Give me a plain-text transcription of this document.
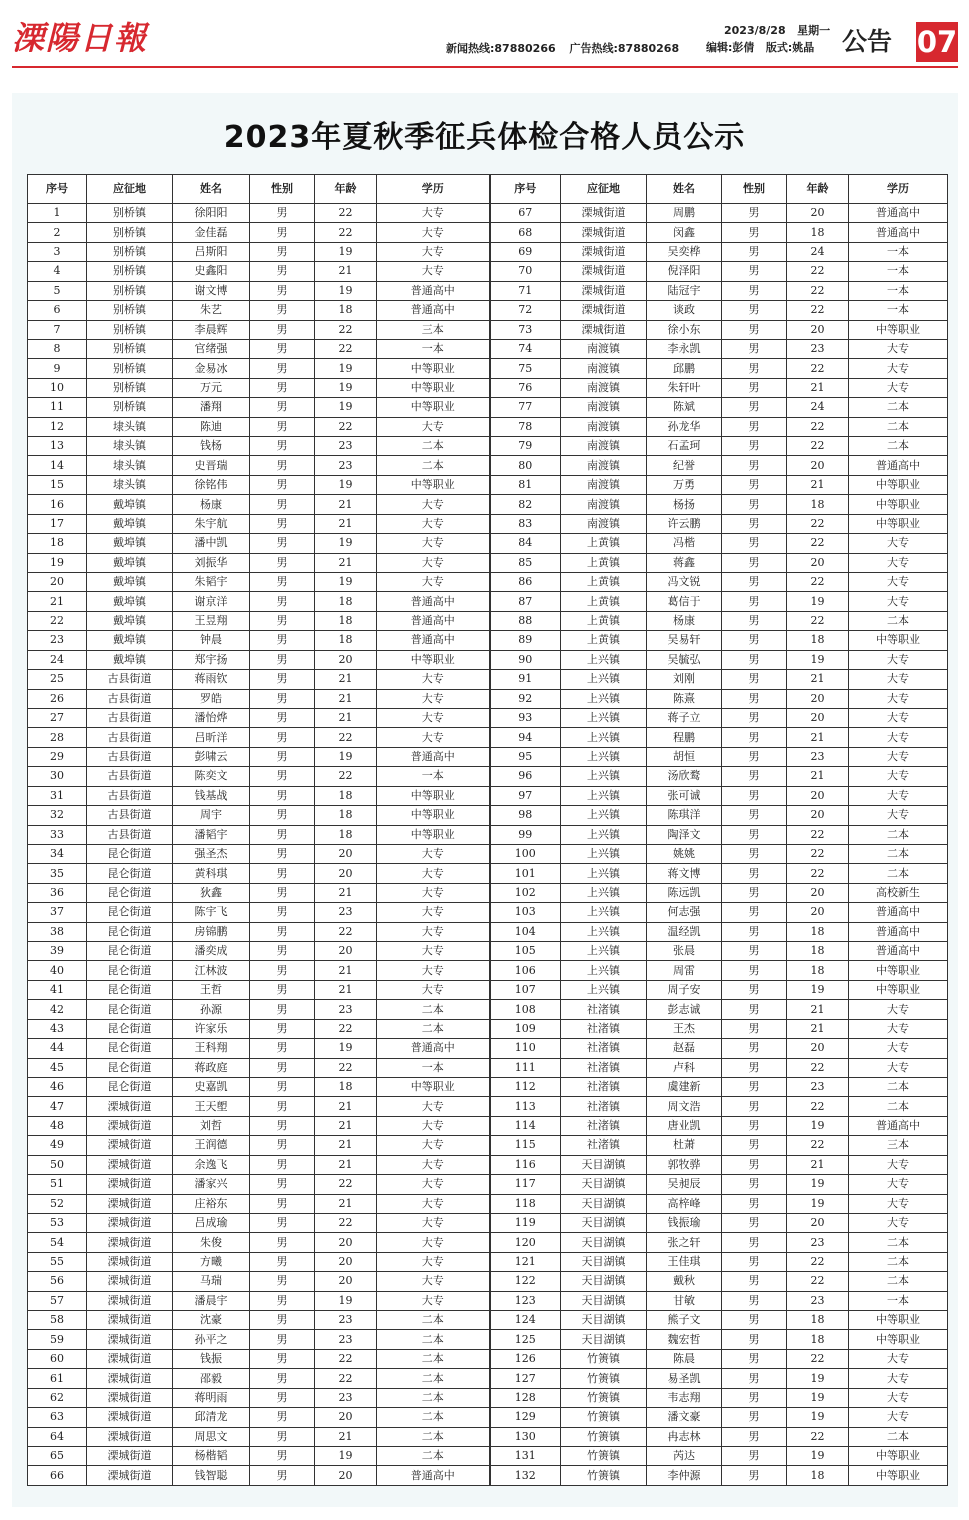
溧陽日報	新闻热线:87880266 广告热线:87880268
2023/8/28 星期一
编辑:彭倩 版式:姚晶	公告 07
2023年夏秋季征兵体检合格人员公示
序号	应征地	姓名	性别	年龄	学历	序号	应征地	姓名	性别	年龄	学历
1	别桥镇	徐阳阳	男	22	大专	67	溧城街道	周鹏	男	20	普通高中
2	别桥镇	金佳磊	男	22	大专	68	溧城街道	闵鑫	男	18	普通高中
3	别桥镇	吕斯阳	男	19	大专	69	溧城街道	吴奕桦	男	24	一本
4	别桥镇	史鑫阳	男	21	大专	70	溧城街道	倪泽阳	男	22	一本
5	别桥镇	谢文博	男	19	普通高中	71	溧城街道	陆冠宇	男	22	一本
6	别桥镇	朱艺	男	18	普通高中	72	溧城街道	谈政	男	22	一本
7	别桥镇	李晨辉	男	22	三本	73	溧城街道	徐小东	男	20	中等职业
8	别桥镇	官绪强	男	22	一本	74	南渡镇	李永凯	男	23	大专
9	别桥镇	金易冰	男	19	中等职业	75	南渡镇	邱鹏	男	22	大专
10	别桥镇	万元	男	19	中等职业	76	南渡镇	朱轩叶	男	21	大专
11	别桥镇	潘翔	男	19	中等职业	77	南渡镇	陈斌	男	24	二本
12	埭头镇	陈迪	男	22	大专	78	南渡镇	孙龙华	男	22	二本
13	埭头镇	钱杨	男	23	二本	79	南渡镇	石孟珂	男	22	二本
14	埭头镇	史晋瑞	男	23	二本	80	南渡镇	纪誉	男	20	普通高中
15	埭头镇	徐铭伟	男	19	中等职业	81	南渡镇	万勇	男	21	中等职业
16	戴埠镇	杨康	男	21	大专	82	南渡镇	杨扬	男	18	中等职业
17	戴埠镇	朱宇航	男	21	大专	83	南渡镇	许云鹏	男	22	中等职业
18	戴埠镇	潘中凯	男	19	大专	84	上黄镇	冯楷	男	22	大专
19	戴埠镇	刘振华	男	21	大专	85	上黄镇	蒋鑫	男	20	大专
20	戴埠镇	朱韬宇	男	19	大专	86	上黄镇	冯文锐	男	22	大专
21	戴埠镇	谢京洋	男	18	普通高中	87	上黄镇	葛信于	男	19	大专
22	戴埠镇	王昱翔	男	18	普通高中	88	上黄镇	杨康	男	22	二本
23	戴埠镇	钟晨	男	18	普通高中	89	上黄镇	吴易轩	男	18	中等职业
24	戴埠镇	郑宇扬	男	20	中等职业	90	上兴镇	吴毓弘	男	19	大专
25	古县街道	蒋雨钦	男	21	大专	91	上兴镇	刘刚	男	21	大专
26	古县街道	罗皓	男	21	大专	92	上兴镇	陈熹	男	20	大专
27	古县街道	潘怡烨	男	21	大专	93	上兴镇	蒋子立	男	20	大专
28	古县街道	吕昕洋	男	22	大专	94	上兴镇	程鹏	男	21	大专
29	古县街道	彭啸云	男	19	普通高中	95	上兴镇	胡恒	男	23	大专
30	古县街道	陈奕文	男	22	一本	96	上兴镇	汤欣鹜	男	21	大专
31	古县街道	钱基战	男	18	中等职业	97	上兴镇	张可诚	男	20	大专
32	古县街道	周宇	男	18	中等职业	98	上兴镇	陈琪洋	男	20	大专
33	古县街道	潘韬宇	男	18	中等职业	99	上兴镇	陶泽文	男	22	二本
34	昆仑街道	强圣杰	男	20	大专	100	上兴镇	姚姚	男	22	二本
35	昆仑街道	黄科琪	男	20	大专	101	上兴镇	蒋文博	男	22	二本
36	昆仑街道	狄鑫	男	21	大专	102	上兴镇	陈远凯	男	20	高校新生
37	昆仑街道	陈宇飞	男	23	大专	103	上兴镇	何志强	男	20	普通高中
38	昆仑街道	房锦鹏	男	22	大专	104	上兴镇	温经凯	男	18	普通高中
39	昆仑街道	潘奕成	男	20	大专	105	上兴镇	张晨	男	18	普通高中
40	昆仑街道	江林波	男	21	大专	106	上兴镇	周雷	男	18	中等职业
41	昆仑街道	王哲	男	21	大专	107	上兴镇	周子安	男	19	中等职业
42	昆仑街道	孙源	男	23	二本	108	社渚镇	彭志诚	男	21	大专
43	昆仑街道	许家乐	男	22	二本	109	社渚镇	王杰	男	21	大专
44	昆仑街道	王科翔	男	19	普通高中	110	社渚镇	赵磊	男	20	大专
45	昆仑街道	蒋政庭	男	22	一本	111	社渚镇	卢科	男	22	大专
46	昆仑街道	史嘉凯	男	18	中等职业	112	社渚镇	虞建新	男	23	二本
47	溧城街道	王天塱	男	21	大专	113	社渚镇	周文浩	男	22	二本
48	溧城街道	刘哲	男	21	大专	114	社渚镇	唐业凯	男	19	普通高中
49	溧城街道	王润德	男	21	大专	115	社渚镇	杜萧	男	22	三本
50	溧城街道	余逸飞	男	21	大专	116	天目湖镇	郭牧骅	男	21	大专
51	溧城街道	潘家兴	男	22	大专	117	天目湖镇	吴昶辰	男	19	大专
52	溧城街道	庄裕东	男	21	大专	118	天目湖镇	高梓峰	男	19	大专
53	溧城街道	吕成瑜	男	22	大专	119	天目湖镇	钱振瑜	男	20	大专
54	溧城街道	朱俊	男	20	大专	120	天目湖镇	张之轩	男	23	二本
55	溧城街道	方曦	男	20	大专	121	天目湖镇	王佳琪	男	22	二本
56	溧城街道	马瑞	男	20	大专	122	天目湖镇	戴秋	男	22	二本
57	溧城街道	潘晨宇	男	19	大专	123	天目湖镇	甘敏	男	23	一本
58	溧城街道	沈豪	男	23	二本	124	天目湖镇	熊子文	男	18	中等职业
59	溧城街道	孙平之	男	23	二本	125	天目湖镇	魏宏哲	男	18	中等职业
60	溧城街道	钱振	男	22	二本	126	竹箦镇	陈晨	男	22	大专
61	溧城街道	邵毅	男	22	二本	127	竹箦镇	易圣凯	男	19	大专
62	溧城街道	蒋明雨	男	23	二本	128	竹箦镇	韦志翔	男	19	大专
63	溧城街道	邱清龙	男	20	二本	129	竹箦镇	潘文豪	男	19	大专
64	溧城街道	周思文	男	21	二本	130	竹箦镇	冉志林	男	22	二本
65	溧城街道	杨楷韬	男	19	二本	131	竹箦镇	芮达	男	19	中等职业
66	溧城街道	钱智聪	男	20	普通高中	132	竹箦镇	李仲源	男	18	中等职业
